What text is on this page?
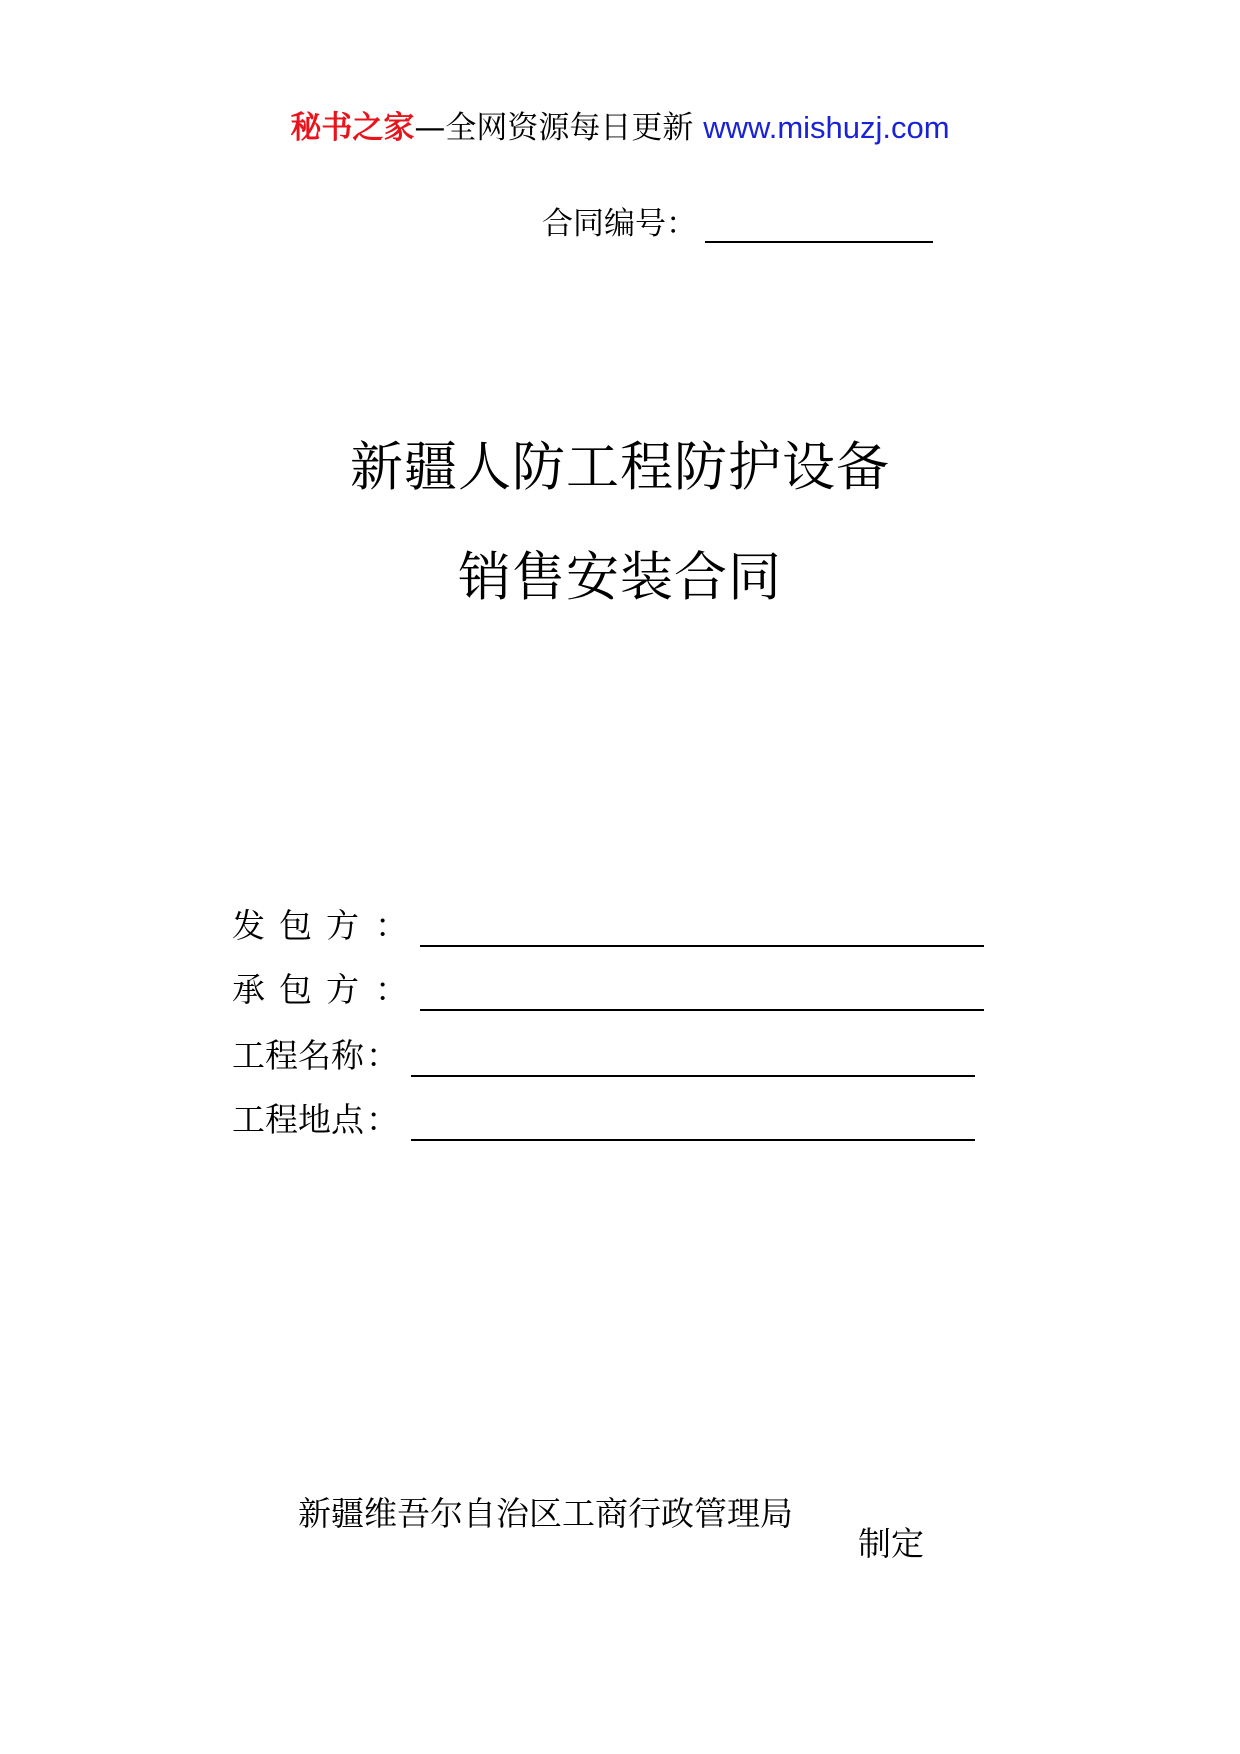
秘书之家—全网资源每日更新 www.mishuzj.com
合同编号：
新疆人防工程防护设备
销售安装合同
发包方 ：
承包方 ：
工程名称 ：
工程地点 ：
新疆维吾尔自治区工商行政管理局
制定
